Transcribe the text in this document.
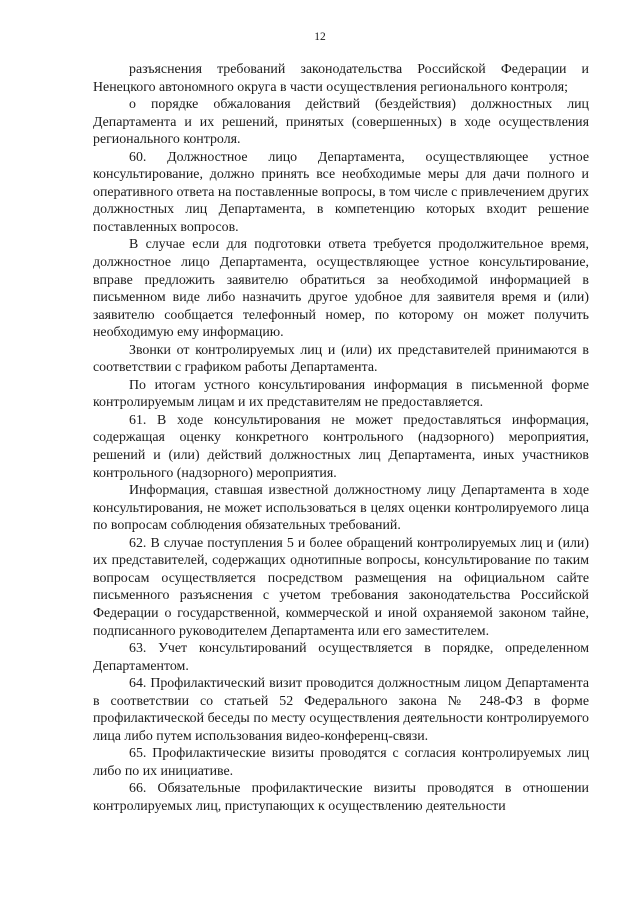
12

разъяснения требований законодательства Российской Федерации и Ненецкого автономного округа в части осуществления регионального контроля;

о порядке обжалования действий (бездействия) должностных лиц Департамента и их решений, принятых (совершенных) в ходе осуществления регионального контроля.

60. Должностное лицо Департамента, осуществляющее устное консультирование, должно принять все необходимые меры для дачи полного и оперативного ответа на поставленные вопросы, в том числе с привлечением других должностных лиц Департамента, в компетенцию которых входит решение поставленных вопросов.

В случае если для подготовки ответа требуется продолжительное время, должностное лицо Департамента, осуществляющее устное консультирование, вправе предложить заявителю обратиться за необходимой информацией в письменном виде либо назначить другое удобное для заявителя время и (или) заявителю сообщается телефонный номер, по которому он может получить необходимую ему информацию.

Звонки от контролируемых лиц и (или) их представителей принимаются в соответствии с графиком работы Департамента.

По итогам устного консультирования информация в письменной форме контролируемым лицам и их представителям не предоставляется.

61. В ходе консультирования не может предоставляться информация, содержащая оценку конкретного контрольного (надзорного) мероприятия, решений и (или) действий должностных лиц Департамента, иных участников контрольного (надзорного) мероприятия.

Информация, ставшая известной должностному лицу Департамента в ходе консультирования, не может использоваться в целях оценки контролируемого лица по вопросам соблюдения обязательных требований.

62. В случае поступления 5 и более обращений контролируемых лиц и (или) их представителей, содержащих однотипные вопросы, консультирование по таким вопросам осуществляется посредством размещения на официальном сайте письменного разъяснения с учетом требования законодательства Российской Федерации о государственной, коммерческой и иной охраняемой законом тайне, подписанного руководителем Департамента или его заместителем.

63. Учет консультирований осуществляется в порядке, определенном Департаментом.

64. Профилактический визит проводится должностным лицом Департамента в соответствии со статьей 52 Федерального закона № 248-ФЗ в форме профилактической беседы по месту осуществления деятельности контролируемого лица либо путем использования видео-конференц-связи.

65. Профилактические визиты проводятся с согласия контролируемых лиц либо по их инициативе.

66. Обязательные профилактические визиты проводятся в отношении контролируемых лиц, приступающих к осуществлению деятельности
